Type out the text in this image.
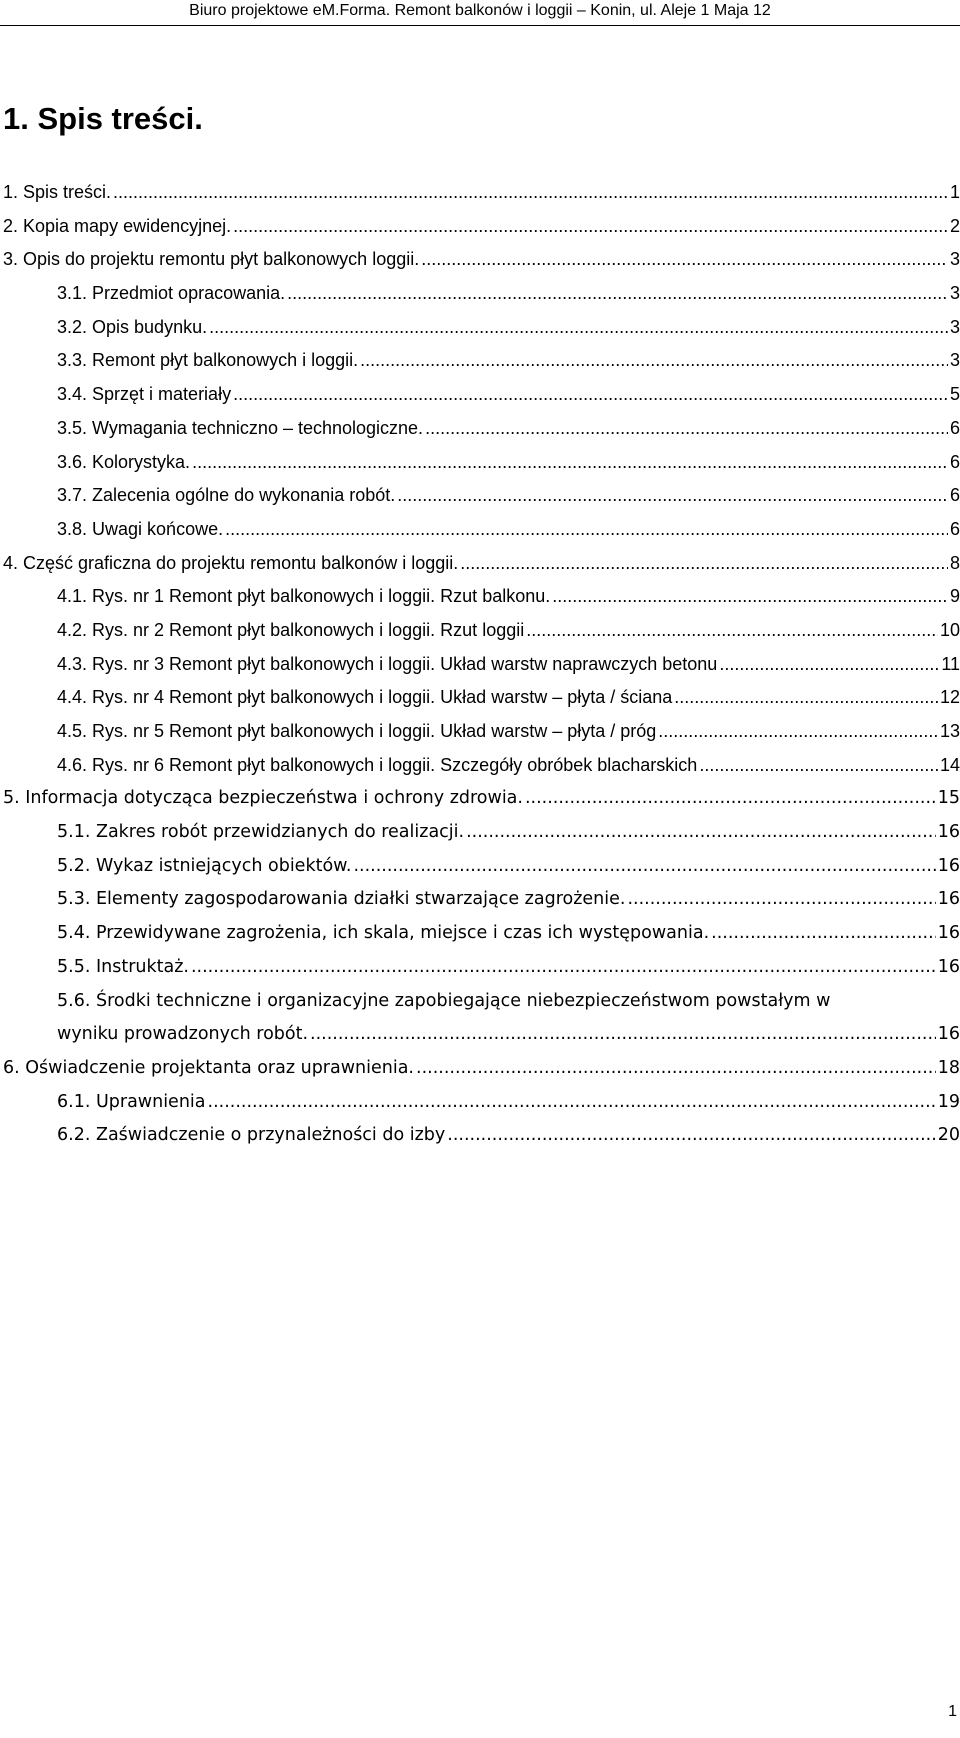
Biuro projektowe eM.Forma. Remont balkonów i loggii – Konin, ul. Aleje 1 Maja 12
1. Spis treści.
1. Spis treści. .....	1
2. Kopia mapy ewidencyjnej. .....	2
3. Opis do projektu remontu płyt balkonowych loggii. .....	3
3.1. Przedmiot opracowania. .....	3
3.2. Opis budynku. .....	3
3.3. Remont płyt balkonowych i loggii. .....	3
3.4. Sprzęt i materiały .....	5
3.5. Wymagania techniczno – technologiczne. .....	6
3.6. Kolorystyka. .....	6
3.7. Zalecenia ogólne do wykonania robót. .....	6
3.8. Uwagi końcowe. .....	6
4. Część graficzna do projektu remontu balkonów i loggii. .....	8
4.1. Rys. nr 1 Remont płyt balkonowych i loggii. Rzut balkonu. .....	9
4.2. Rys. nr 2 Remont płyt balkonowych i loggii. Rzut loggii .....	10
4.3. Rys. nr 3 Remont płyt balkonowych i loggii. Układ warstw naprawczych betonu .....	11
4.4. Rys. nr 4 Remont płyt balkonowych i loggii. Układ warstw – płyta / ściana .....	12
4.5. Rys. nr 5 Remont płyt balkonowych i loggii. Układ warstw – płyta / próg .....	13
4.6. Rys. nr 6 Remont płyt balkonowych i loggii. Szczegóły obróbek blacharskich .....	14
5. Informacja dotycząca bezpieczeństwa i ochrony zdrowia. .....	15
5.1. Zakres robót przewidzianych do realizacji. .....	16
5.2. Wykaz istniejących obiektów. .....	16
5.3. Elementy zagospodarowania działki stwarzające zagrożenie. .....	16
5.4. Przewidywane zagrożenia, ich skala, miejsce i czas ich występowania. .....	16
5.5. Instruktaż. .....	16
5.6. Środki techniczne i organizacyjne zapobiegające niebezpieczeństwom powstałym w
wyniku prowadzonych robót. .....	16
6. Oświadczenie projektanta oraz uprawnienia. .....	18
6.1. Uprawnienia .....	19
6.2. Zaświadczenie o przynależności do izby .....	20
1
